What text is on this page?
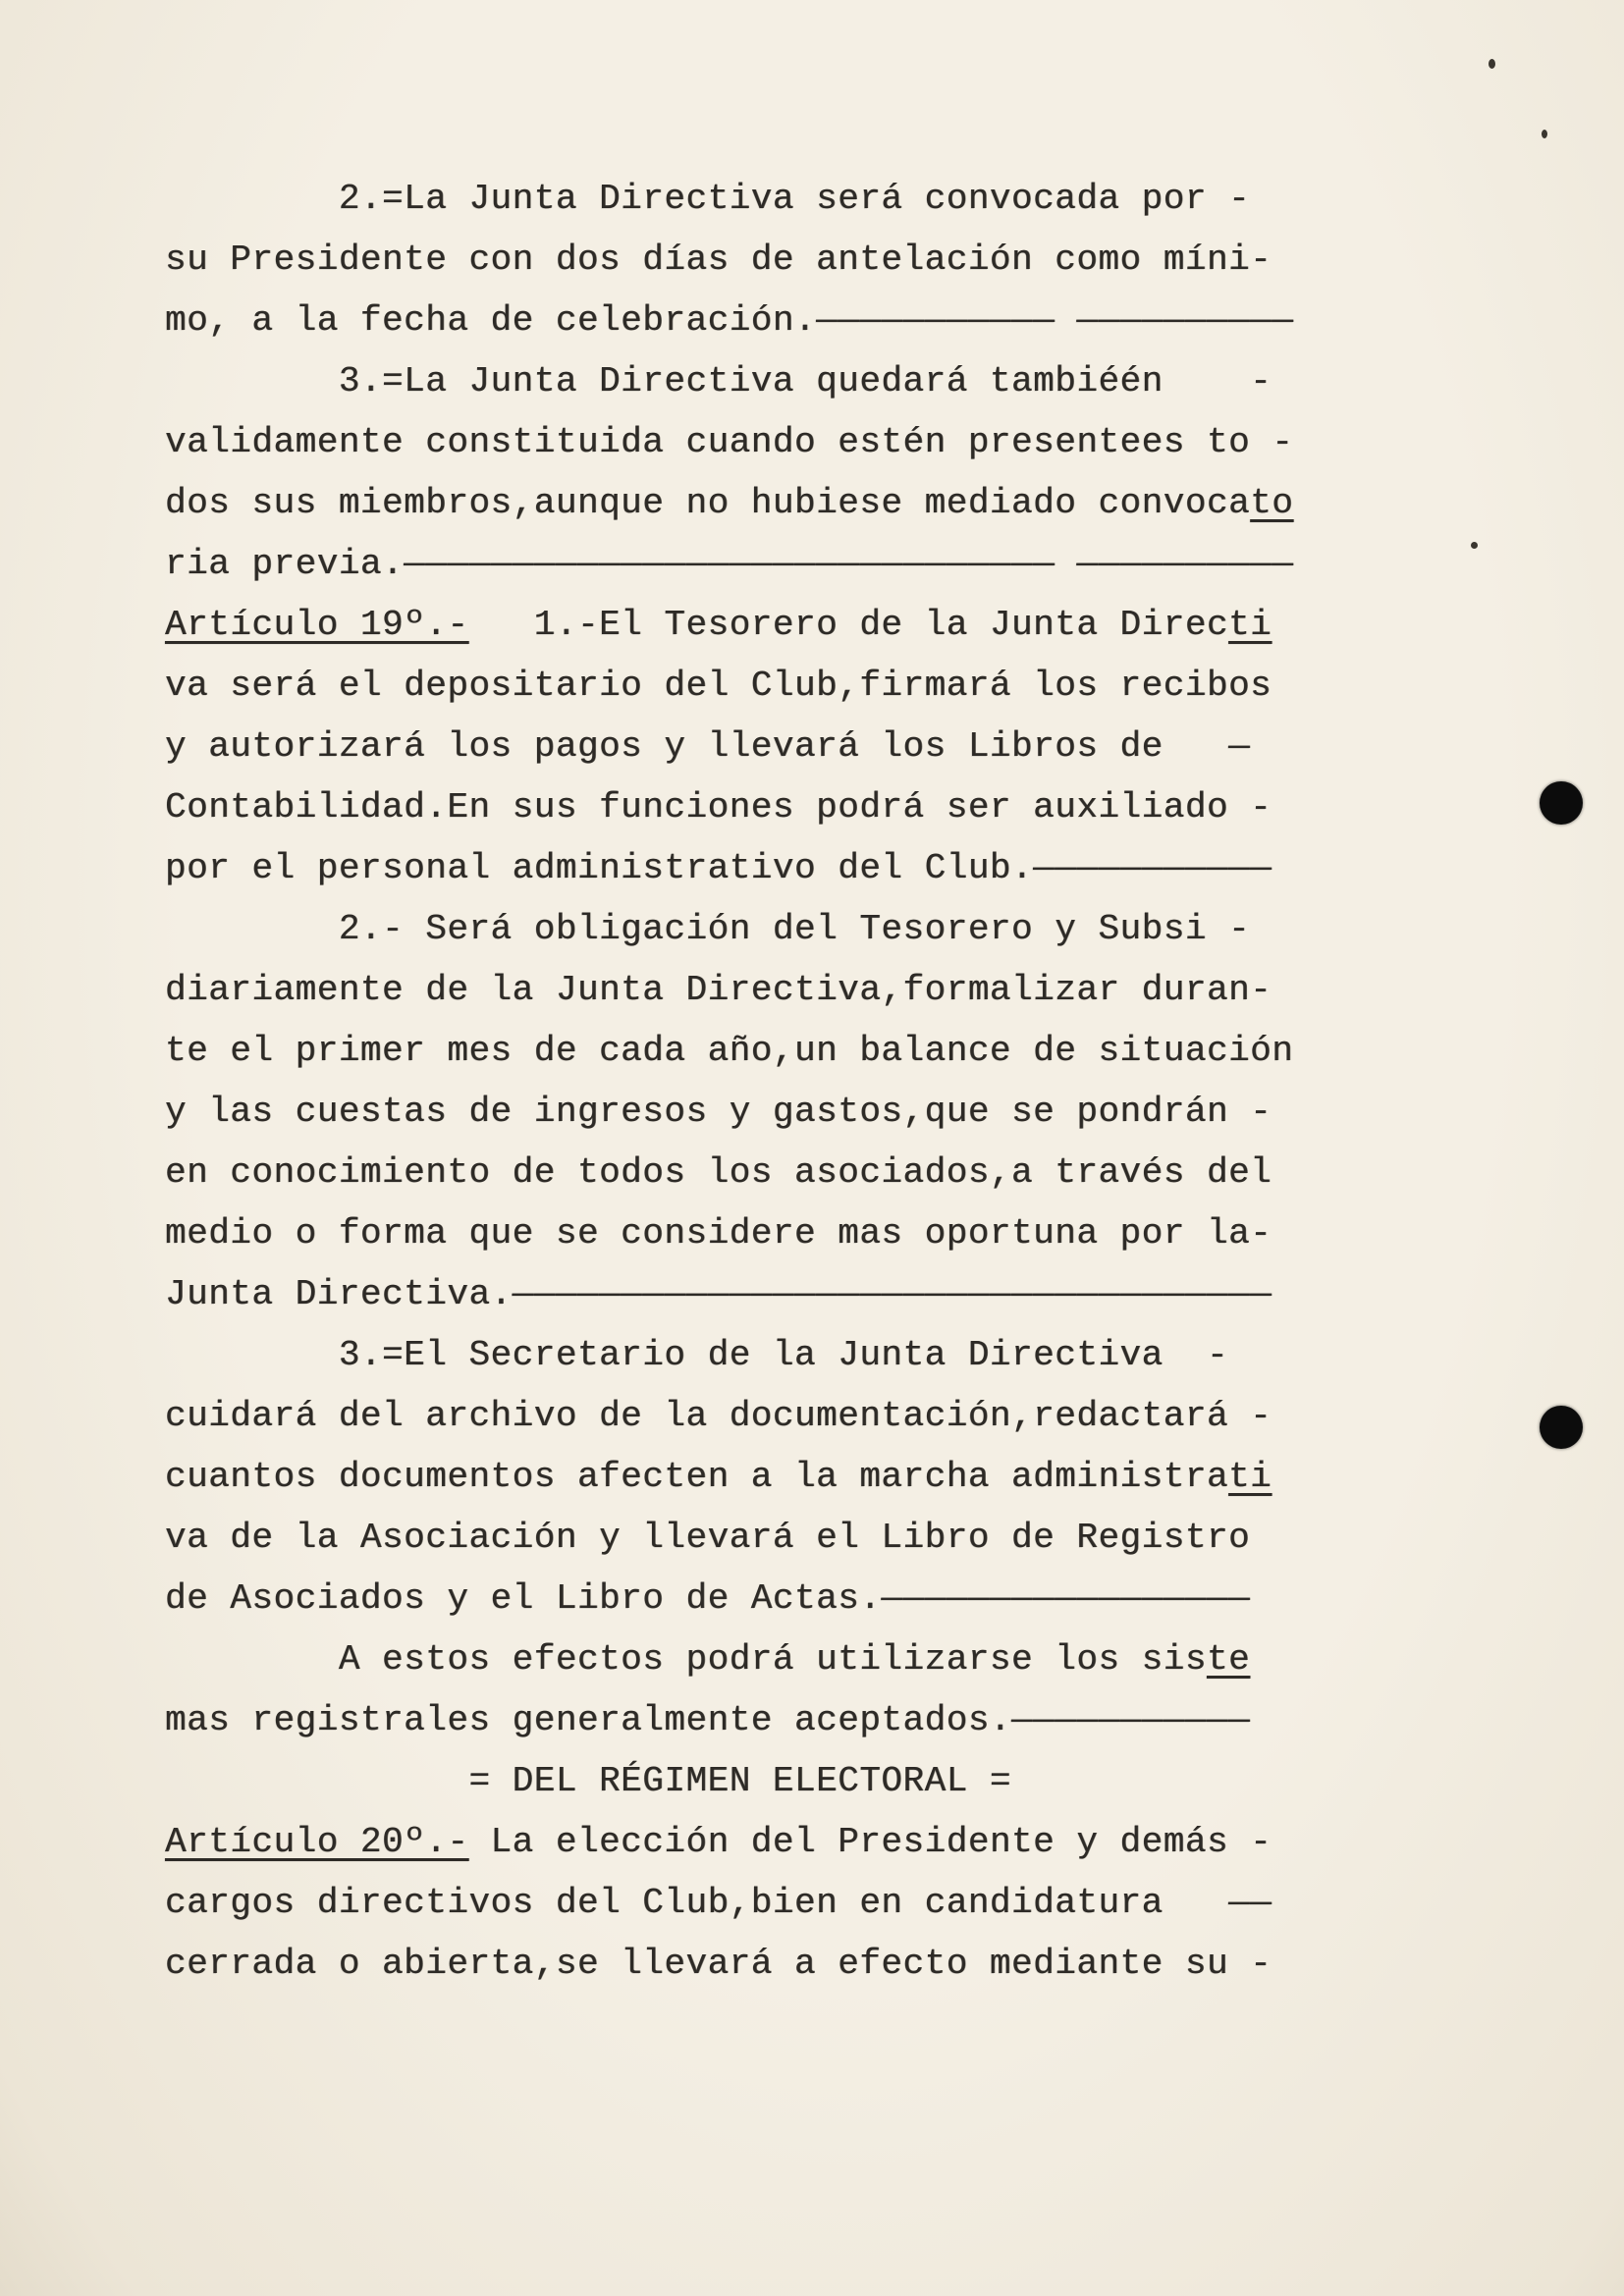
2.=La Junta Directiva será convocada por -
su Presidente con dos días de antelación como míni-
mo, a la fecha de celebración.——————————— ——————————
3.=La Junta Directiva quedará tambiéén    -
validamente constituida cuando estén presentees to -
dos sus miembros,aunque no hubiese mediado convocato
ria previa.—————————————————————————————— ——————————
Artículo 19º.-   1.-El Tesorero de la Junta Directi
va será el depositario del Club,firmará los recibos
y autorizará los pagos y llevará los Libros de   —
Contabilidad.En sus funciones podrá ser auxiliado -
por el personal administrativo del Club.———————————
2.- Será obligación del Tesorero y Subsi -
diariamente de la Junta Directiva,formalizar duran-
te el primer mes de cada año,un balance de situación
y las cuestas de ingresos y gastos,que se pondrán -
en conocimiento de todos los asociados,a través del
medio o forma que se considere mas oportuna por la-
Junta Directiva.———————————————————————————————————
3.=El Secretario de la Junta Directiva  -
cuidará del archivo de la documentación,redactará -
cuantos documentos afecten a la marcha administrati
va de la Asociación y llevará el Libro de Registro
de Asociados y el Libro de Actas.—————————————————
A estos efectos podrá utilizarse los siste
mas registrales generalmente aceptados.———————————
= DEL RÉGIMEN ELECTORAL =
Artículo 20º.- La elección del Presidente y demás -
cargos directivos del Club,bien en candidatura   ——
cerrada o abierta,se llevará a efecto mediante su -
